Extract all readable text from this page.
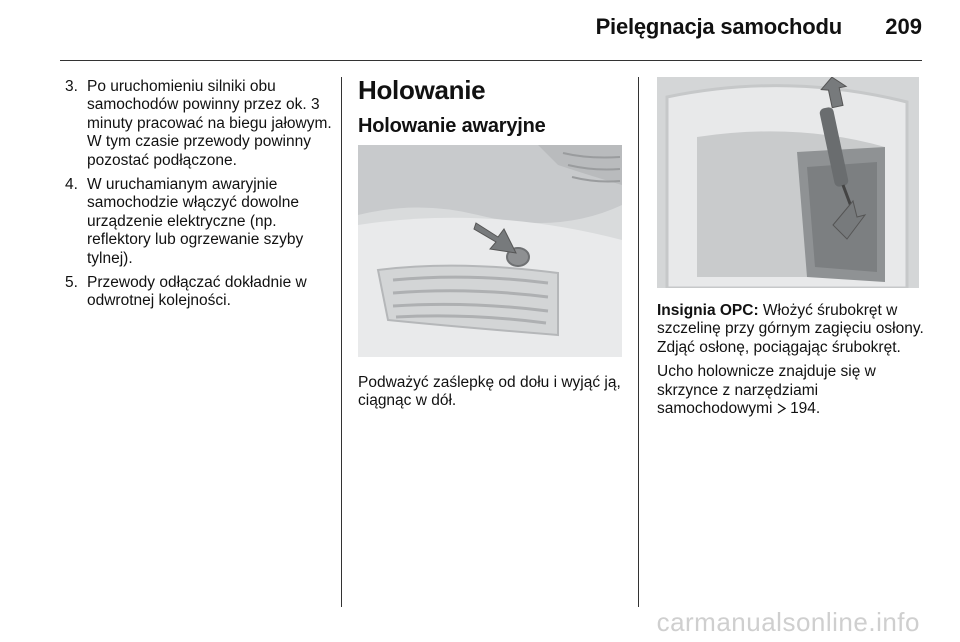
Pielęgnacja samochodu 209
3. Po uruchomieniu silniki obu samochodów powinny przez ok. 3 minuty pracować na biegu jałowym. W tym czasie przewody powinny pozostać podłączone.
4. W uruchamianym awaryjnie samochodzie włączyć dowolne urządzenie elektryczne (np. reflektory lub ogrzewanie szyby tylnej).
5. Przewody odłączać dokładnie w odwrotnej kolejności.
Holowanie
Holowanie awaryjne

Podważyć zaślepkę od dołu i wyjąć ją, ciągnąc w dół.

Insignia OPC: Włożyć śrubokręt w szczelinę przy górnym zagięciu osłony. Zdjąć osłonę, pociągając śrubokręt.

Ucho holownicze znajduje się w skrzynce z narzędziami samochodowymi  194.

carmanualsonline.info
